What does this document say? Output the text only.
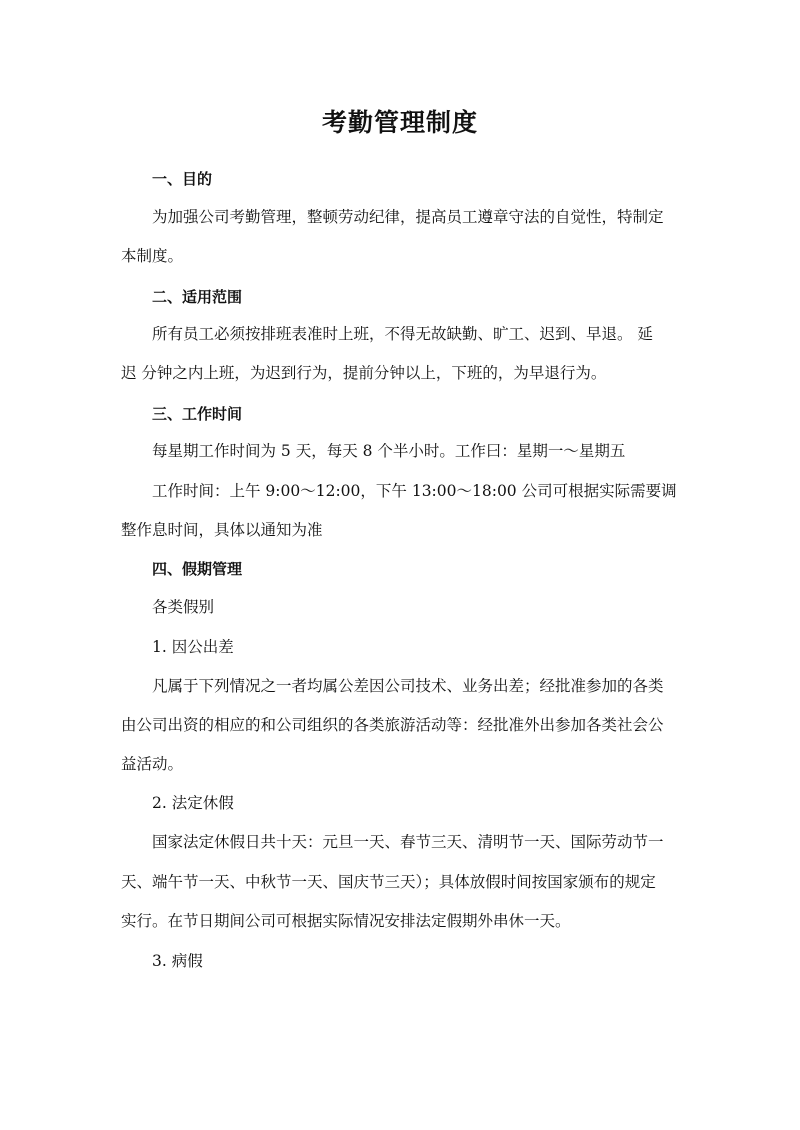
考勤管理制度

一、目的

为加强公司考勤管理，整顿劳动纪律，提高员工遵章守法的自觉性，特制定

本制度。

二、适用范围

所有员工必须按排班表准时上班，不得无故缺勤、旷工、迟到、早退。 延

迟 分钟之内上班，为迟到行为，提前分钟以上，下班的，为早退行为。

三、工作时间

每星期工作时间为 5 天，每天 8 个半小时。工作曰：星期一～星期五

工作时间：上午 9:00～12:00，下午 13:00～18:00 公司可根据实际需要调

整作息时间，具体以通知为准

四、假期管理

各类假别

1. 因公出差

凡属于下列情况之一者均属公差因公司技术、业务出差；经批准参加的各类

由公司出资的相应的和公司组织的各类旅游活动等：经批准外出参加各类社会公

益活动。

2. 法定休假

国家法定休假日共十天：元旦一天、春节三天、清明节一天、国际劳动节一

天、端午节一天、中秋节一天、国庆节三天）；具体放假时间按国家颁布的规定

实行。在节日期间公司可根据实际情况安排法定假期外串休一天。

3. 病假
